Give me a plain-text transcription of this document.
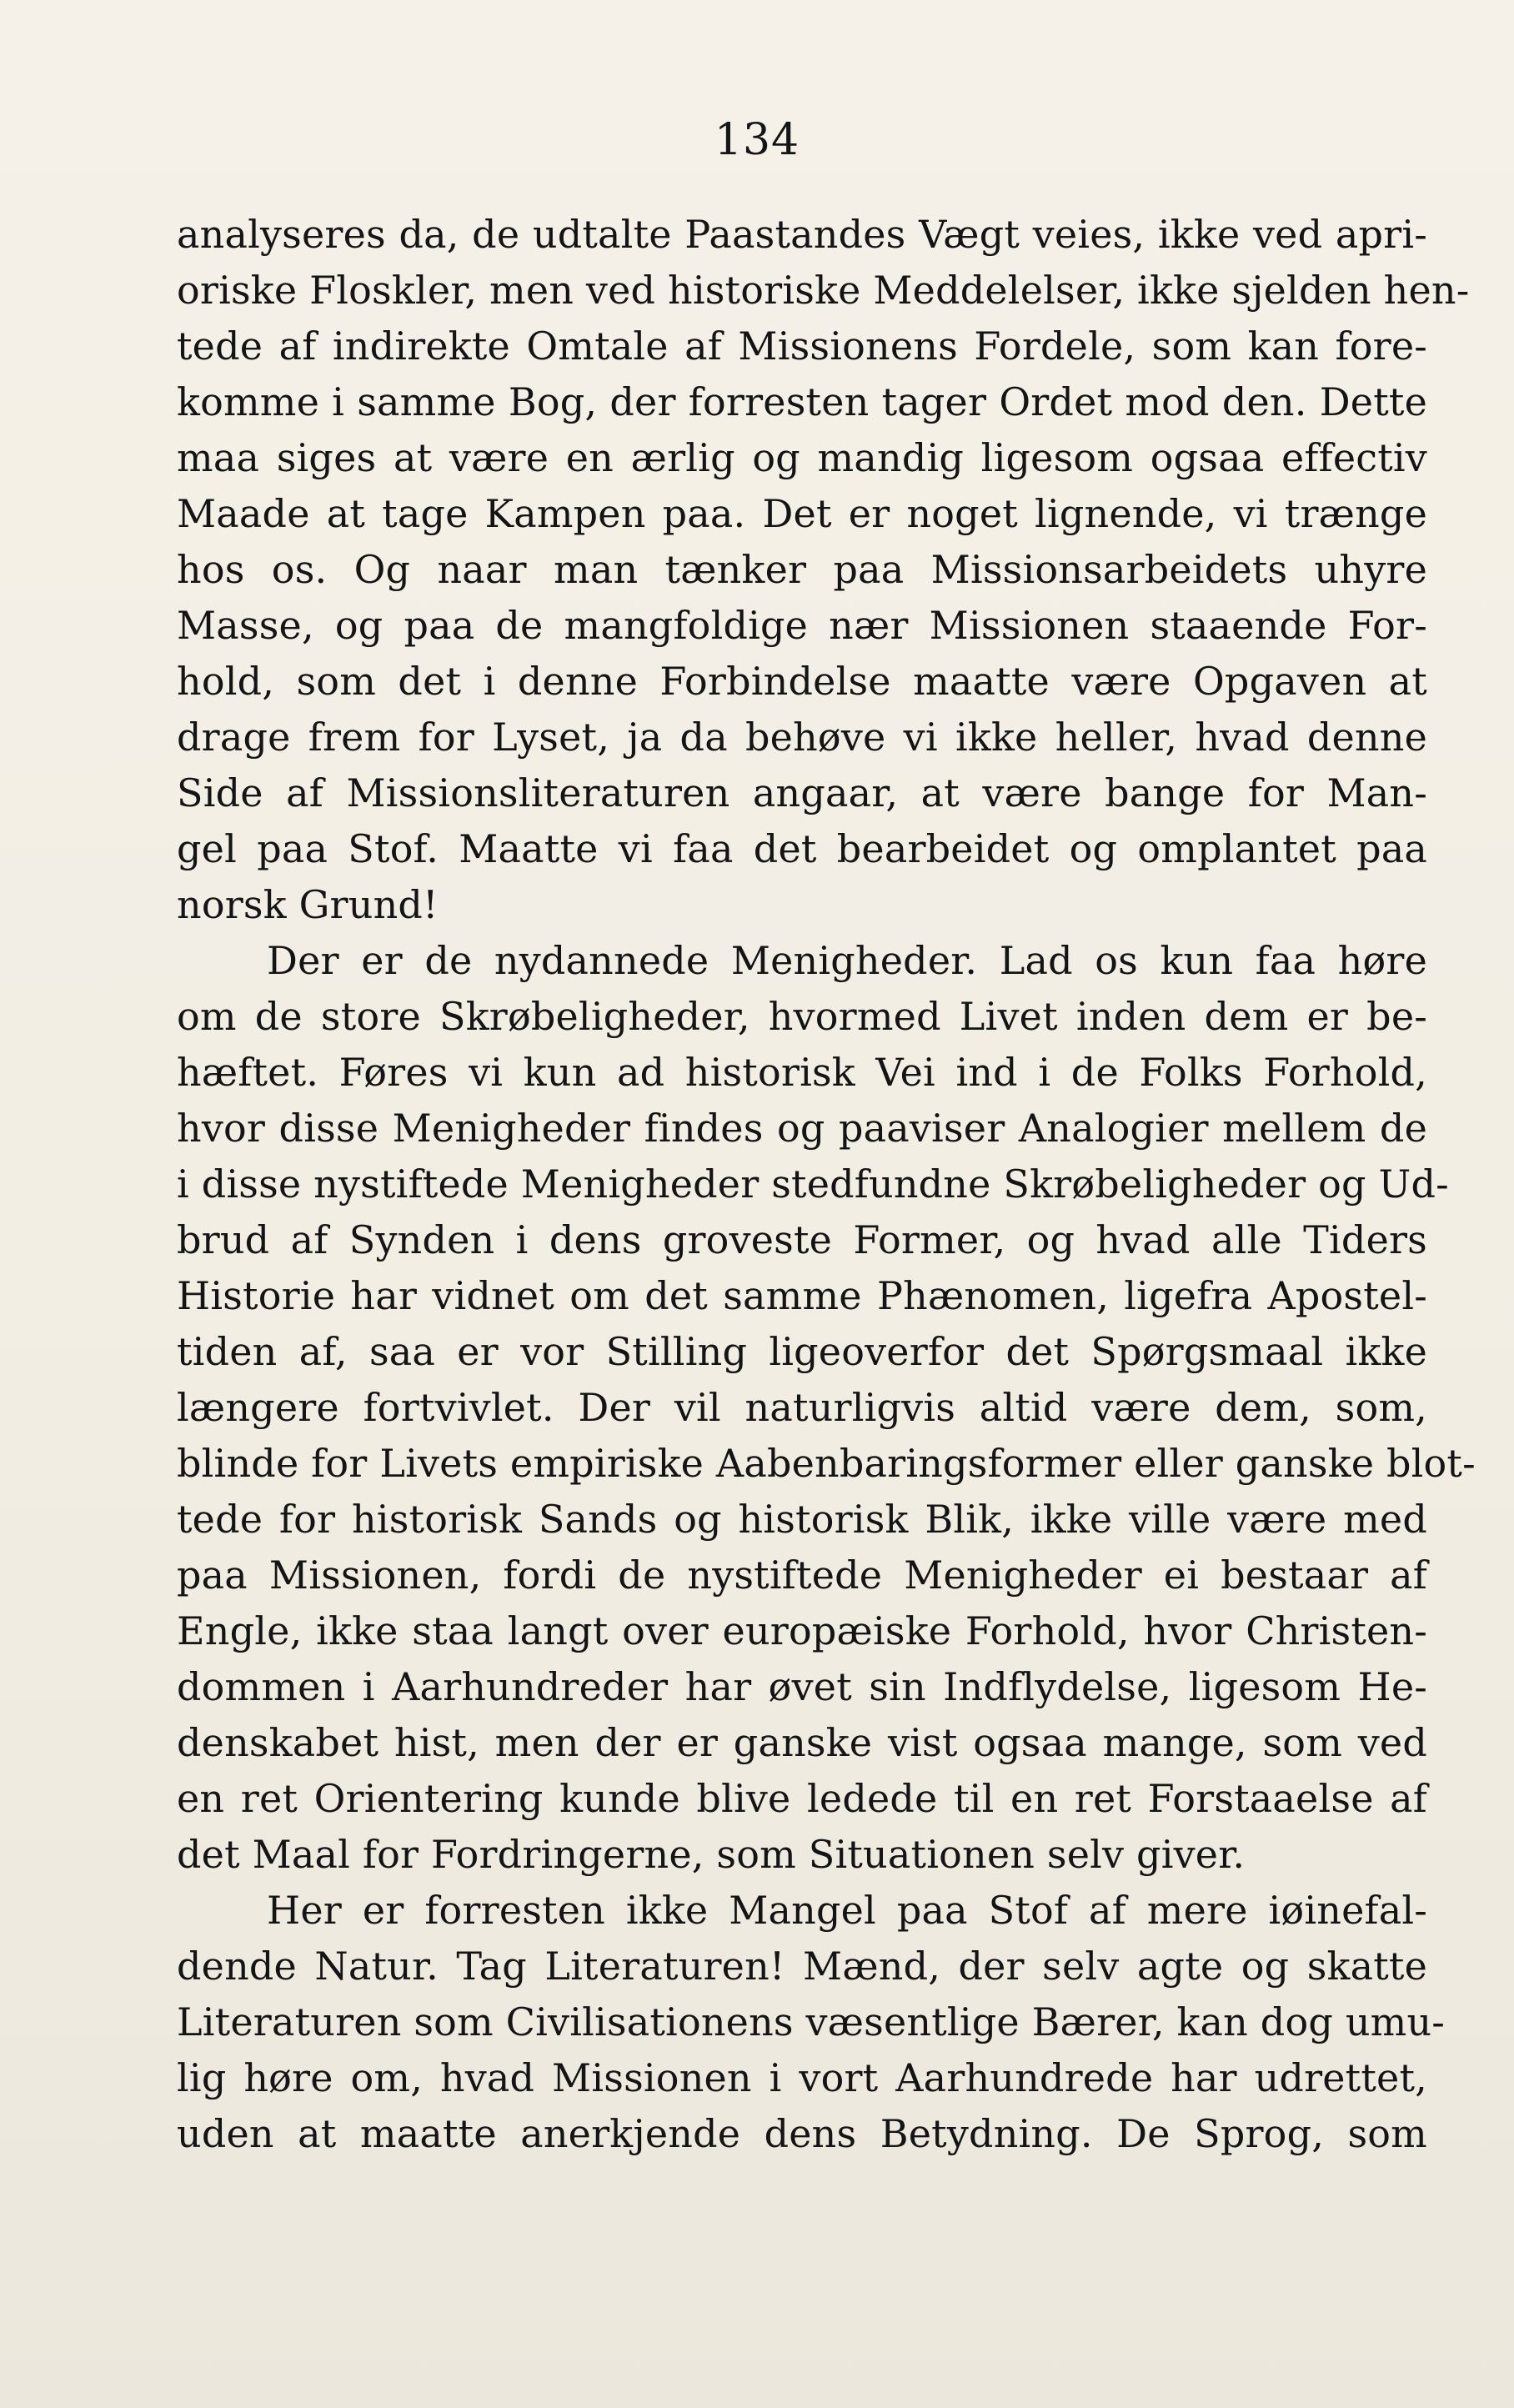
134
analyseres da, de udtalte Paastandes Vægt veies, ikke ved apri-
oriske Floskler, men ved historiske Meddelelser, ikke sjelden hen-
tede af indirekte Omtale af Missionens Fordele, som kan fore-
komme i samme Bog, der forresten tager Ordet mod den. Dette
maa siges at være en ærlig og mandig ligesom ogsaa effectiv
Maade at tage Kampen paa. Det er noget lignende, vi trænge
hos os. Og naar man tænker paa Missionsarbeidets uhyre
Masse, og paa de mangfoldige nær Missionen staaende For-
hold, som det i denne Forbindelse maatte være Opgaven at
drage frem for Lyset, ja da behøve vi ikke heller, hvad denne
Side af Missionsliteraturen angaar, at være bange for Man-
gel paa Stof. Maatte vi faa det bearbeidet og omplantet paa
norsk Grund!
Der er de nydannede Menigheder. Lad os kun faa høre
om de store Skrøbeligheder, hvormed Livet inden dem er be-
hæftet. Føres vi kun ad historisk Vei ind i de Folks Forhold,
hvor disse Menigheder findes og paaviser Analogier mellem de
i disse nystiftede Menigheder stedfundne Skrøbeligheder og Ud-
brud af Synden i dens groveste Former, og hvad alle Tiders
Historie har vidnet om det samme Phænomen, ligefra Apostel-
tiden af, saa er vor Stilling ligeoverfor det Spørgsmaal ikke
længere fortvivlet. Der vil naturligvis altid være dem, som,
blinde for Livets empiriske Aabenbaringsformer eller ganske blot-
tede for historisk Sands og historisk Blik, ikke ville være med
paa Missionen, fordi de nystiftede Menigheder ei bestaar af
Engle, ikke staa langt over europæiske Forhold, hvor Christen-
dommen i Aarhundreder har øvet sin Indflydelse, ligesom He-
denskabet hist, men der er ganske vist ogsaa mange, som ved
en ret Orientering kunde blive ledede til en ret Forstaaelse af
det Maal for Fordringerne, som Situationen selv giver.
Her er forresten ikke Mangel paa Stof af mere iøinefal-
dende Natur. Tag Literaturen! Mænd, der selv agte og skatte
Literaturen som Civilisationens væsentlige Bærer, kan dog umu-
lig høre om, hvad Missionen i vort Aarhundrede har udrettet,
uden at maatte anerkjende dens Betydning. De Sprog, som
